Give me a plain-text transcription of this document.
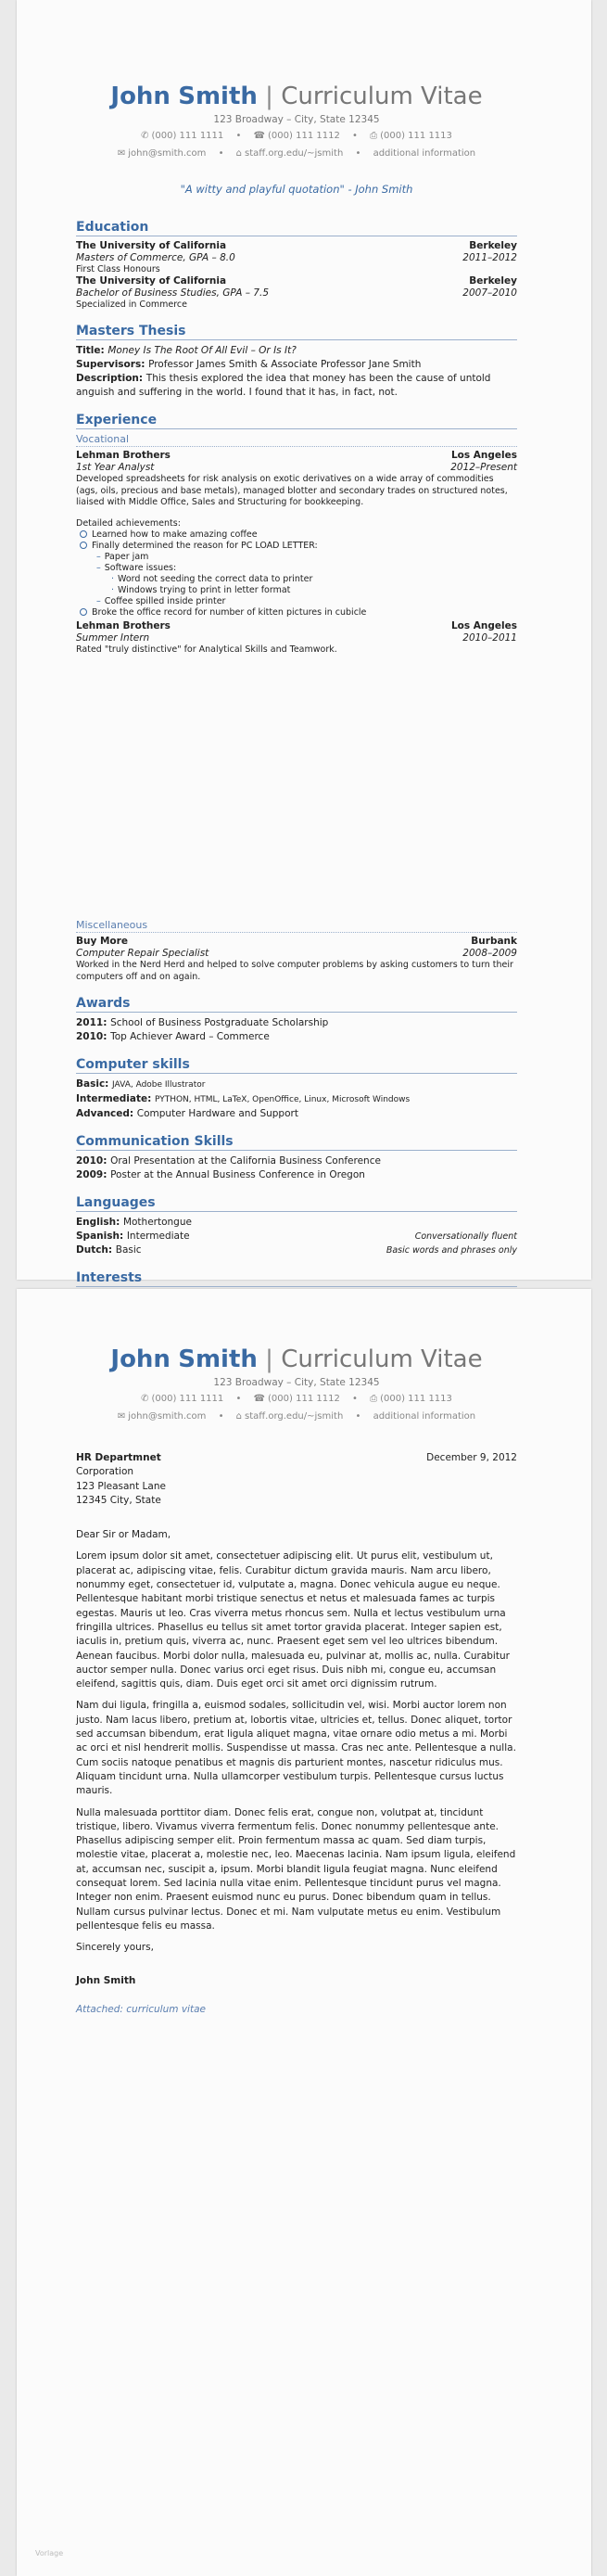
John Smith | Curriculum Vitae
123 Broadway – City, State 12345
✆ (000) 111 1111 • ☎ (000) 111 1112 • ⎙ (000) 111 1113
✉ john@smith.com • ⌂ staff.org.edu/~jsmith • additional information
"A witty and playful quotation" - John Smith
Education
The University of California	Berkeley
Masters of Commerce, GPA – 8.0	2011–2012
First Class Honours
The University of California	Berkeley
Bachelor of Business Studies, GPA – 7.5	2007–2010
Specialized in Commerce
Masters Thesis
Title: Money Is The Root Of All Evil – Or Is It?
Supervisors: Professor James Smith & Associate Professor Jane Smith
Description: This thesis explored the idea that money has been the cause of untold anguish and suffering in the world. I found that it has, in fact, not.
Experience
Vocational
Lehman Brothers	Los Angeles
1st Year Analyst	2012–Present
Developed spreadsheets for risk analysis on exotic derivatives on a wide array of commodities (ags, oils, precious and base metals), managed blotter and secondary trades on structured notes, liaised with Middle Office, Sales and Structuring for bookkeeping.
Detailed achievements:
Learned how to make amazing coffee
Finally determined the reason for PC LOAD LETTER:
– Paper jam
– Software issues:
· Word not seeding the correct data to printer
· Windows trying to print in letter format
– Coffee spilled inside printer
Broke the office record for number of kitten pictures in cubicle
Lehman Brothers	Los Angeles
Summer Intern	2010–2011
Rated "truly distinctive" for Analytical Skills and Teamwork.
Miscellaneous
Buy More	Burbank
Computer Repair Specialist	2008–2009
Worked in the Nerd Herd and helped to solve computer problems by asking customers to turn their computers off and on again.
Awards
2011: School of Business Postgraduate Scholarship
2010: Top Achiever Award – Commerce
Computer skills
Basic: JAVA, Adobe Illustrator
Intermediate: PYTHON, HTML, LaTeX, OpenOffice, Linux, Microsoft Windows
Advanced: Computer Hardware and Support
Communication Skills
2010: Oral Presentation at the California Business Conference
2009: Poster at the Annual Business Conference in Oregon
Languages
English: Mothertongue
Spanish: Intermediate	Conversationally fluent
Dutch: Basic	Basic words and phrases only
Interests
John Smith | Curriculum Vitae
123 Broadway – City, State 12345
✆ (000) 111 1111 • ☎ (000) 111 1112 • ⎙ (000) 111 1113
✉ john@smith.com • ⌂ staff.org.edu/~jsmith • additional information
HR Departmnet
Corporation
123 Pleasant Lane
12345 City, State
December 9, 2012

Dear Sir or Madam,

Lorem ipsum dolor sit amet, consectetuer adipiscing elit. Ut purus elit, vestibulum ut, placerat ac, adipiscing vitae, felis. Curabitur dictum gravida mauris. Nam arcu libero, nonummy eget, consectetuer id, vulputate a, magna. Donec vehicula augue eu neque. Pellentesque habitant morbi tristique senectus et netus et malesuada fames ac turpis egestas. Mauris ut leo. Cras viverra metus rhoncus sem. Nulla et lectus vestibulum urna fringilla ultrices. Phasellus eu tellus sit amet tortor gravida placerat. Integer sapien est, iaculis in, pretium quis, viverra ac, nunc. Praesent eget sem vel leo ultrices bibendum. Aenean faucibus. Morbi dolor nulla, malesuada eu, pulvinar at, mollis ac, nulla. Curabitur auctor semper nulla. Donec varius orci eget risus. Duis nibh mi, congue eu, accumsan eleifend, sagittis quis, diam. Duis eget orci sit amet orci dignissim rutrum.

Nam dui ligula, fringilla a, euismod sodales, sollicitudin vel, wisi. Morbi auctor lorem non justo. Nam lacus libero, pretium at, lobortis vitae, ultricies et, tellus. Donec aliquet, tortor sed accumsan bibendum, erat ligula aliquet magna, vitae ornare odio metus a mi. Morbi ac orci et nisl hendrerit mollis. Suspendisse ut massa. Cras nec ante. Pellentesque a nulla. Cum sociis natoque penatibus et magnis dis parturient montes, nascetur ridiculus mus. Aliquam tincidunt urna. Nulla ullamcorper vestibulum turpis. Pellentesque cursus luctus mauris.

Nulla malesuada porttitor diam. Donec felis erat, congue non, volutpat at, tincidunt tristique, libero. Vivamus viverra fermentum felis. Donec nonummy pellentesque ante. Phasellus adipiscing semper elit. Proin fermentum massa ac quam. Sed diam turpis, molestie vitae, placerat a, molestie nec, leo. Maecenas lacinia. Nam ipsum ligula, eleifend at, accumsan nec, suscipit a, ipsum. Morbi blandit ligula feugiat magna. Nunc eleifend consequat lorem. Sed lacinia nulla vitae enim. Pellentesque tincidunt purus vel magna. Integer non enim. Praesent euismod nunc eu purus. Donec bibendum quam in tellus. Nullam cursus pulvinar lectus. Donec et mi. Nam vulputate metus eu enim. Vestibulum pellentesque felis eu massa.

Sincerely yours,

John Smith

Attached: curriculum vitae

Vorlage
